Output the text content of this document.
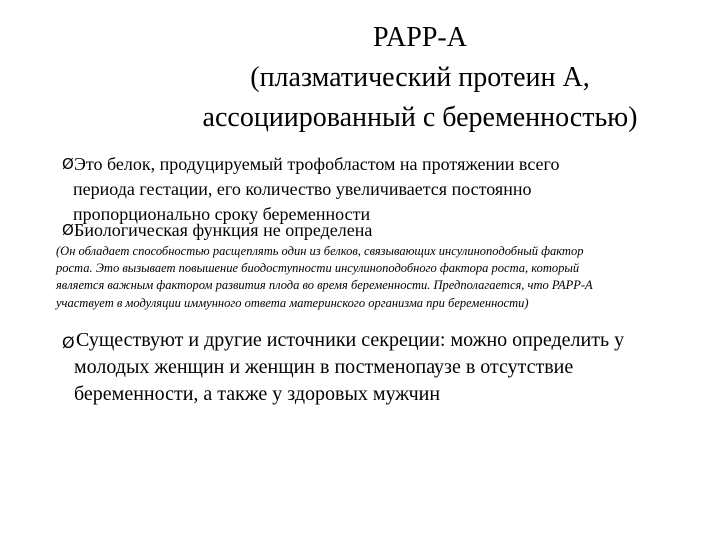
PAPP-A
(плазматический протеин А,
ассоциированный с беременностью)
Ø Это белок, продуцируемый трофобластом на протяжении всего
периода гестации, его количество увеличивается постоянно
пропорционально сроку беременности
Ø Биологическая функция не определена
(Он обладает способностью расщеплять один из белков, связывающих инсулиноподобный фактор
роста. Это вызывает повышение биодоступности инсулиноподобного фактора роста, который
является важным фактором развития плода во время беременности. Предполагается, что PAPP-A
участвует в модуляции иммунного ответа материнского организма при беременности)
Ø Существуют и другие источники секреции: можно определить у
молодых женщин и женщин в постменопаузе в отсутствие
беременности, а также у здоровых мужчин
